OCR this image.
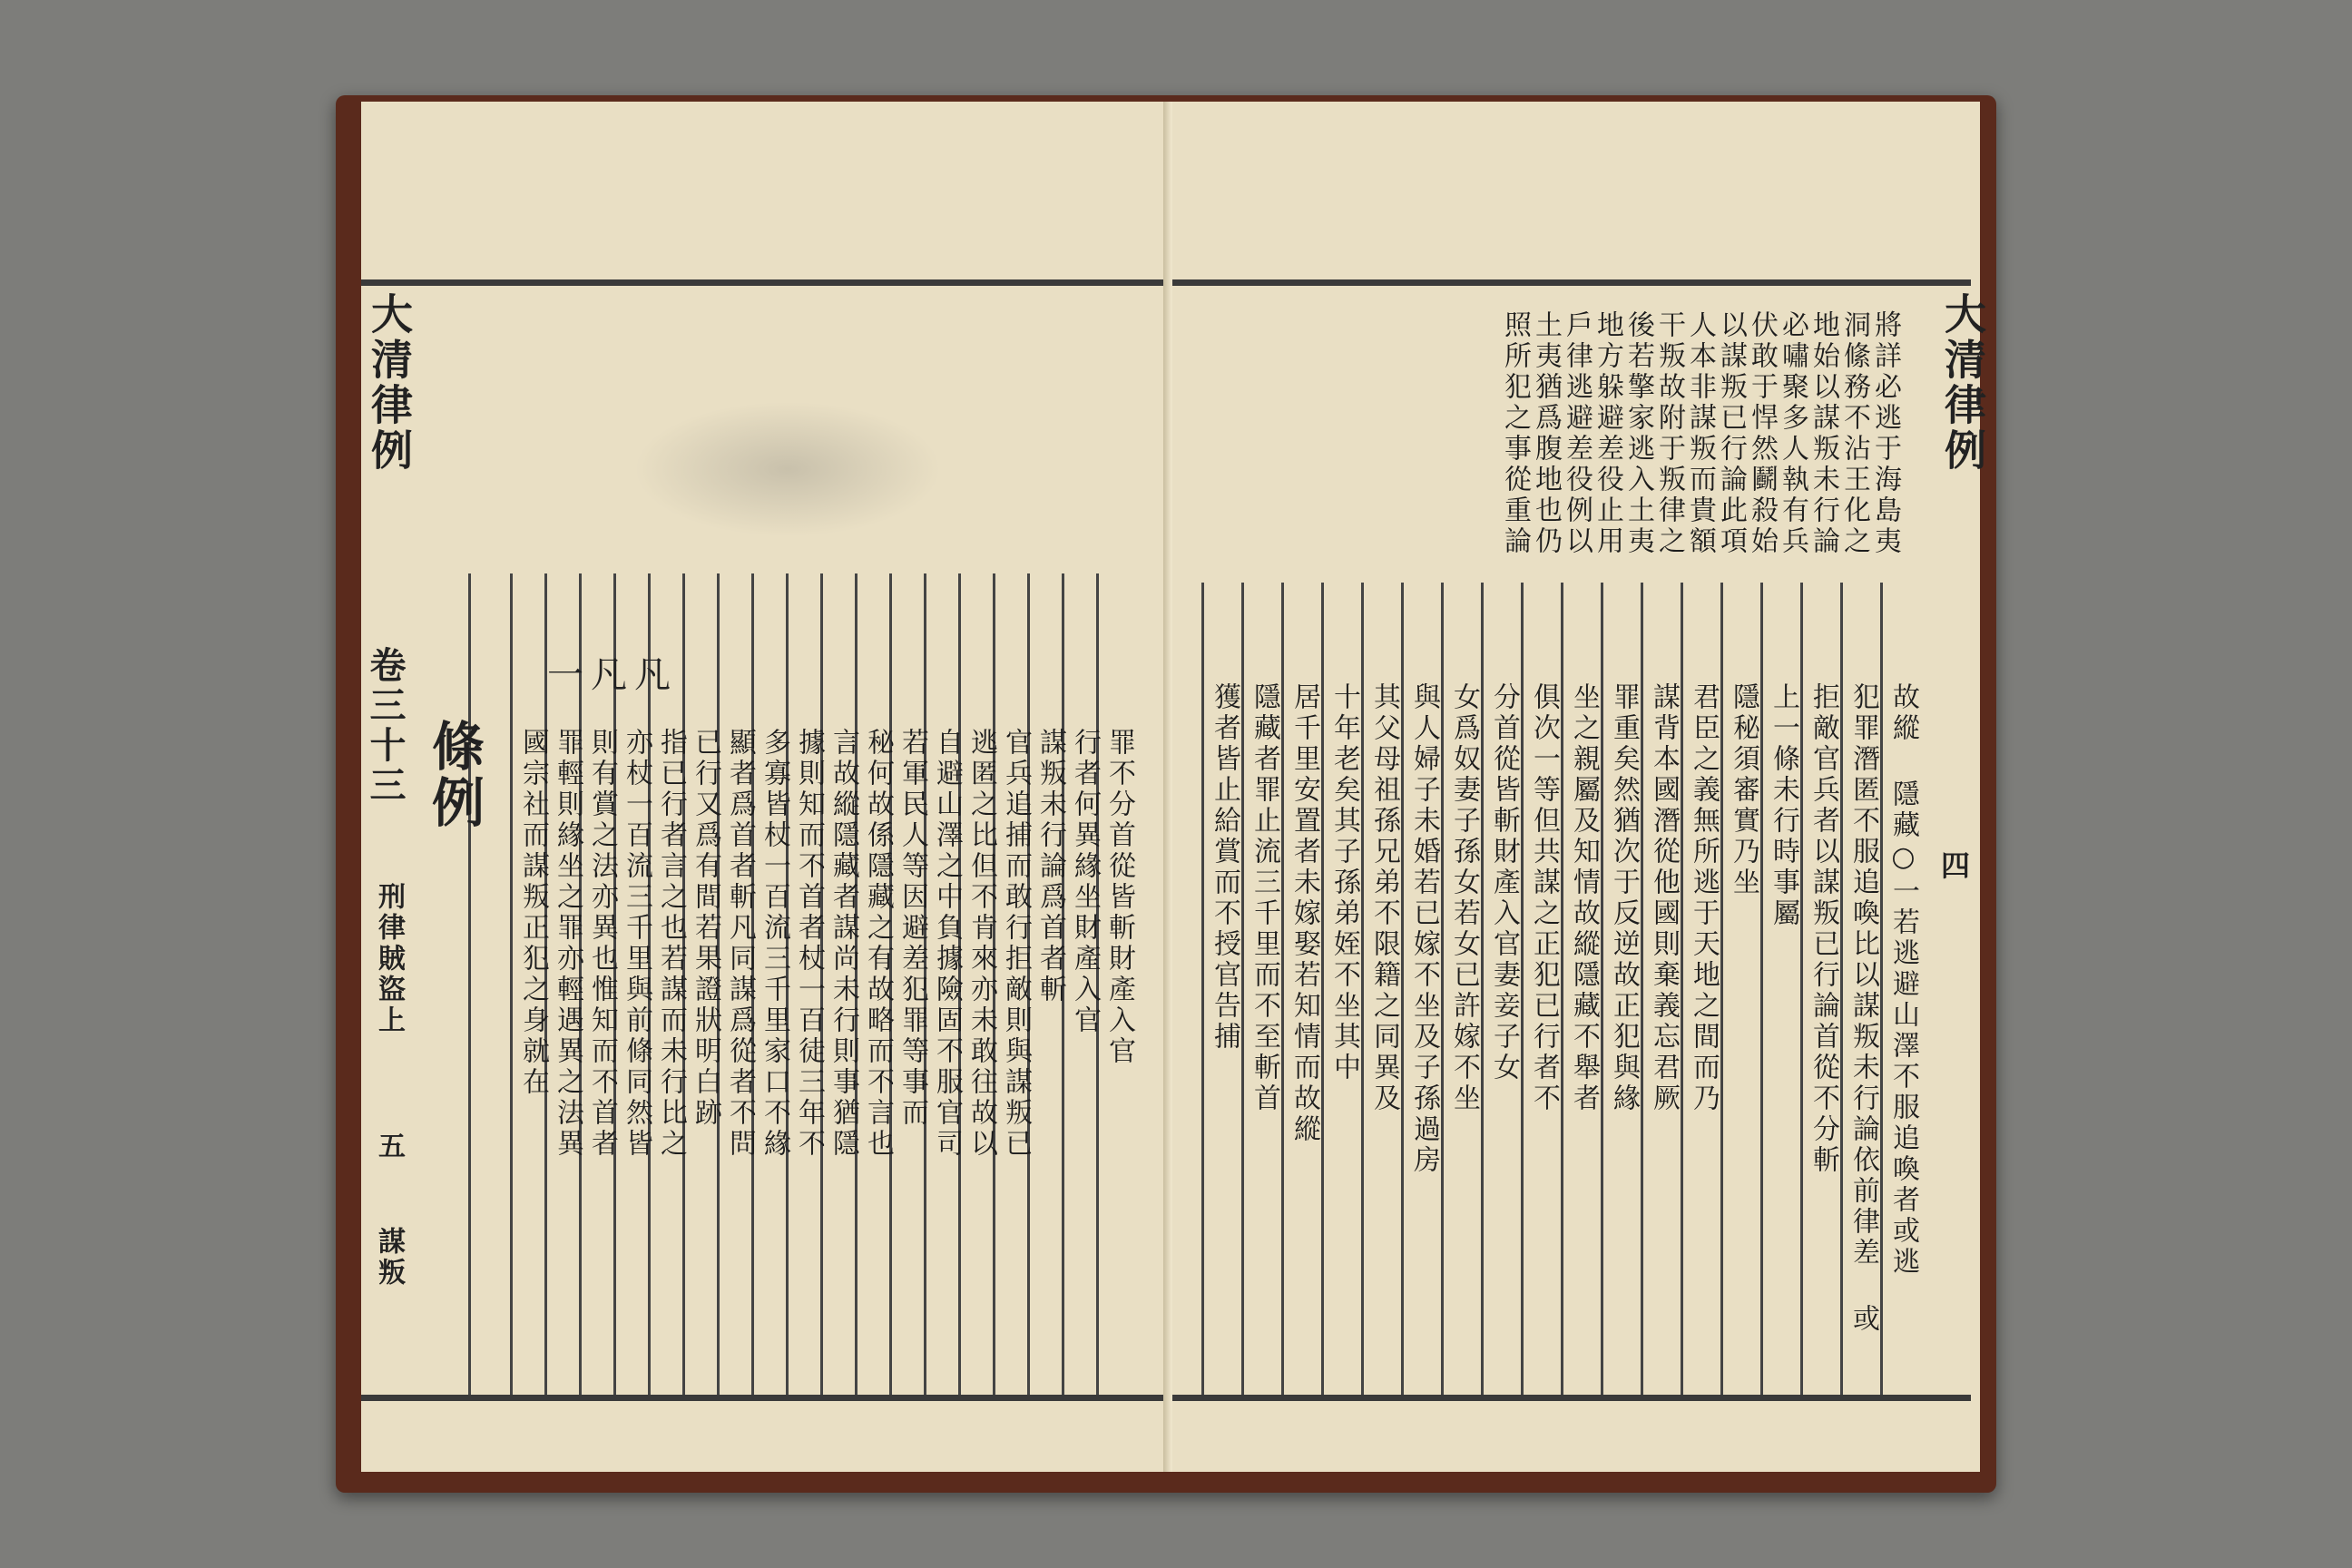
大清律例
卷三十三
刑律賊盜上
五
謀叛
條例	罪不分首從皆斬財產入官
行者何異緣坐財產入官
謀叛未行論爲首者斬
官兵追捕而敢行拒敵則與謀叛已
逃匿之比但不肯來亦未敢往故以
自避山澤之中負據險固不服官司
若軍民人等因避差犯罪等事而
秘何故係隱藏之有故略而不言也
言故縱隱藏者謀尚未行則事猶隱
據則知而不首者杖一百徒三年不
多寡皆杖一百流三千里家口不緣
顯者爲首者斬凡同謀爲從者不問
已行又爲有間若果證狀明白跡
指已行者言之也若謀而未行比之
亦杖一百流三千里與前條同然皆
則有賞之法亦異也惟知而不首者
罪輕則緣坐之罪亦輕遇異之法異
國宗社而謀叛正犯之身就在
一 凡 凡
大清律例
四
將詳必逃于海島夷
洞絛務不沾王化之
地始以謀叛未行論
必嘯聚多人執有兵
伏敢于悍然鬬殺始
以謀叛已行論此項
人本非謀叛而貴額
干叛故附于叛律之
後若擎家逃入土夷
地方躲避差役止用
戶律逃避差役例以
土夷猶爲腹地也仍
照所犯之事從重論
故縱 隱藏○一若逃避山澤不服追喚者或逃
犯罪潛匿不服追喚比以謀叛未行論依前律差 或
拒敵官兵者以謀叛已行論首從不分斬
上一條未行時事屬
隱秘須審實乃坐
君臣之義無所逃于天地之間而乃
謀背本國潛從他國則棄義忘君厥
罪重矣然猶次于反逆故正犯與緣
坐之親屬及知情故縱隱藏不舉者
俱次一等但共謀之正犯已行者不
分首從皆斬財產入官妻妾子女
女爲奴妻子孫女若女已許嫁不坐
與人婦子未婚若已嫁不坐及子孫過房
其父母祖孫兄弟不限籍之同異及
十年老矣其子孫弟姪不坐其中
居千里安置者未嫁娶若知情而故縱
隱藏者罪止流三千里而不至斬首
獲者皆止給賞而不授官告捕
